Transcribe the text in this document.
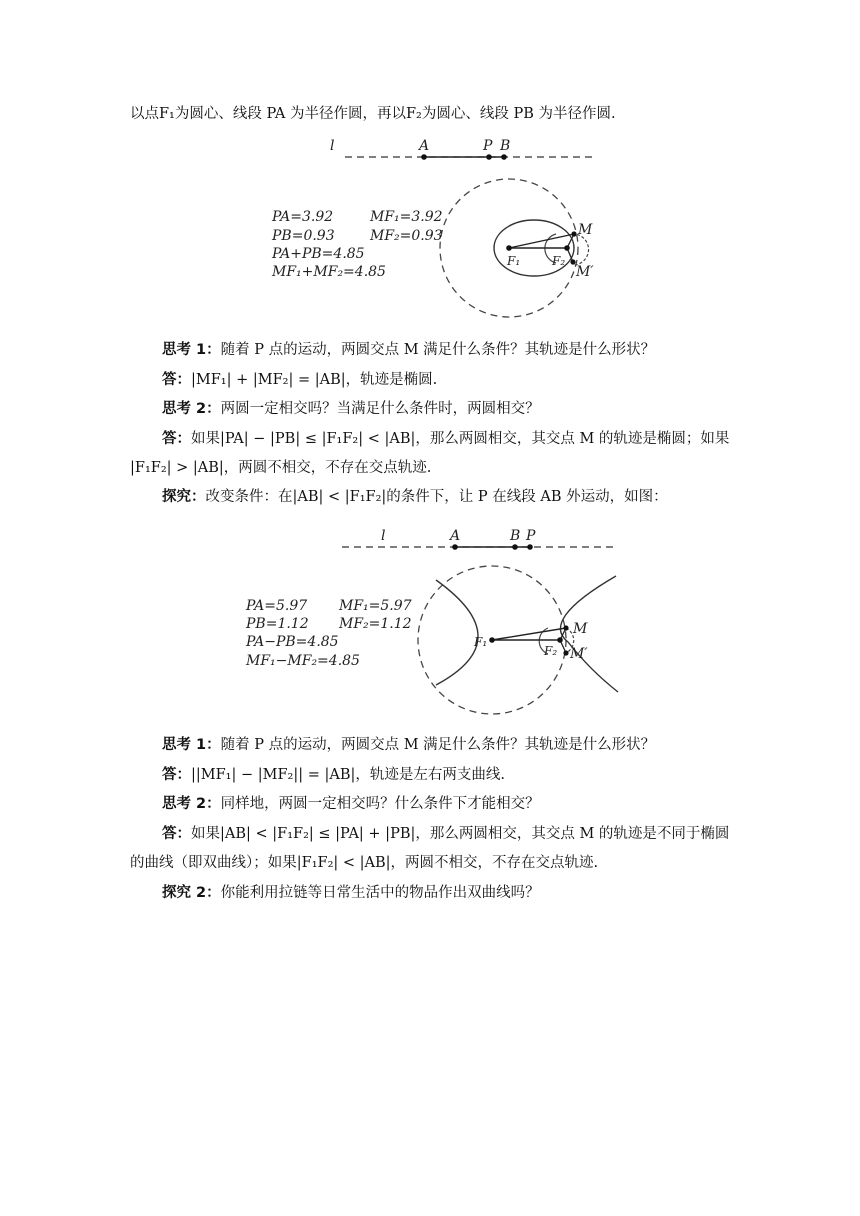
以点F₁为圆心、线段 PA 为半径作圆，再以F₂为圆心、线段 PB 为半径作圆.
l	A	P B
M
M′
F₁	F₂
PA=3.92
PB=0.93
PA+PB=4.85
MF₁+MF₂=4.85
MF₁=3.92
MF₂=0.93
思考 1：随着 P 点的运动，两圆交点 M 满足什么条件？其轨迹是什么形状？
答：|MF₁| + |MF₂| = |AB|，轨迹是椭圆.
思考 2：两圆一定相交吗？当满足什么条件时，两圆相交？
答：如果|PA| − |PB| ≤ |F₁F₂| < |AB|，那么两圆相交，其交点 M 的轨迹是椭圆；如果
|F₁F₂| > |AB|，两圆不相交，不存在交点轨迹.
探究：改变条件：在|AB| < |F₁F₂|的条件下，让 P 在线段 AB 外运动，如图：
l	A	B P
M
M′
F₁
F₂
PA=5.97
PB=1.12
PA−PB=4.85
MF₁−MF₂=4.85
MF₁=5.97
MF₂=1.12
思考 1：随着 P 点的运动，两圆交点 M 满足什么条件？其轨迹是什么形状？
答：||MF₁| − |MF₂|| = |AB|，轨迹是左右两支曲线.
思考 2：同样地，两圆一定相交吗？什么条件下才能相交？
答：如果|AB| < |F₁F₂| ≤ |PA| + |PB|，那么两圆相交，其交点 M 的轨迹是不同于椭圆
的曲线（即双曲线）；如果|F₁F₂| < |AB|，两圆不相交，不存在交点轨迹.
探究 2：你能利用拉链等日常生活中的物品作出双曲线吗？
